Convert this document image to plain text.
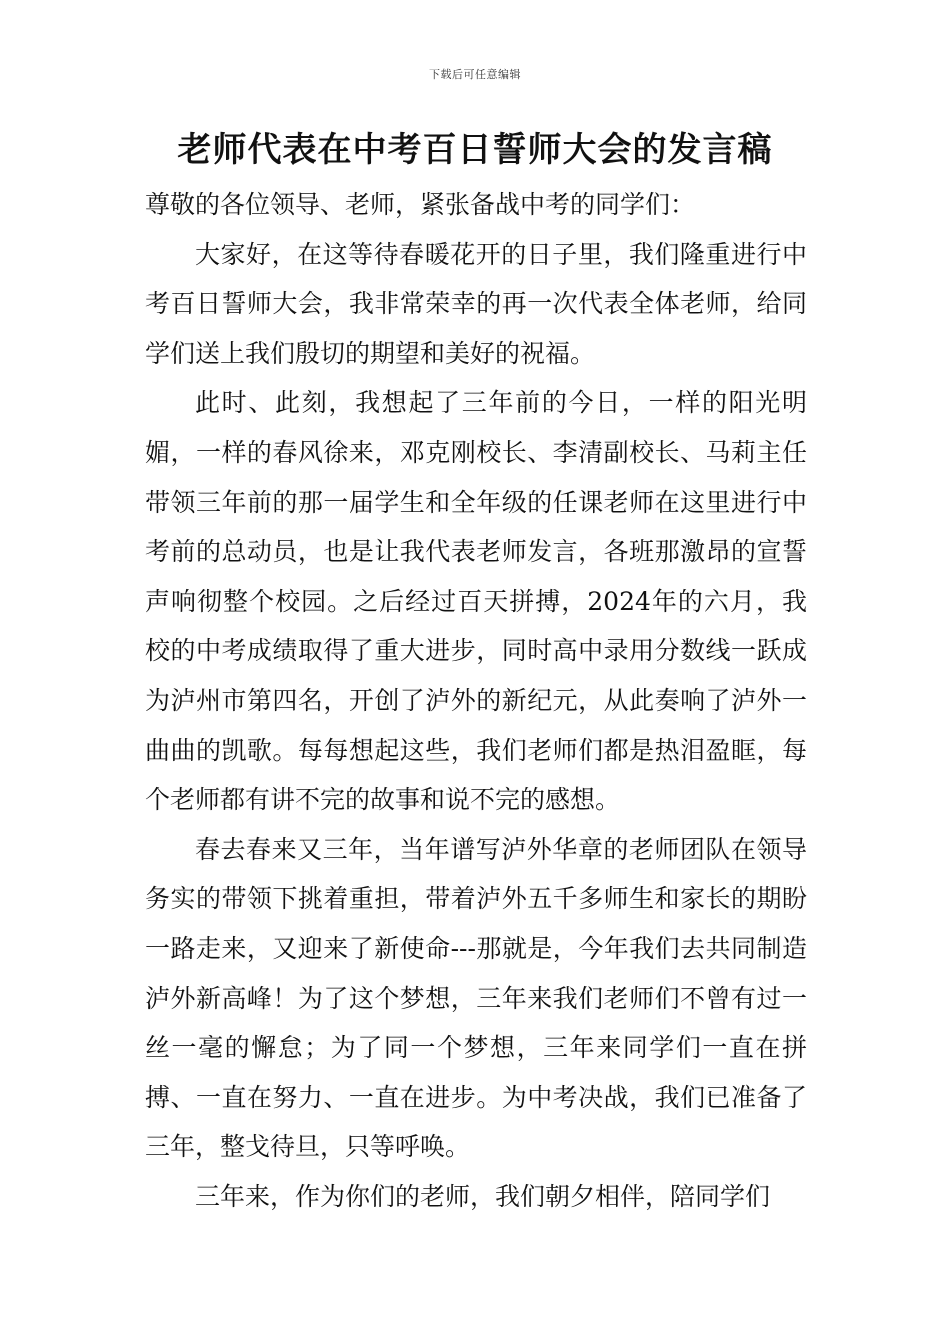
下载后可任意编辑
老师代表在中考百日誓师大会的发言稿

尊敬的各位领导、老师，紧张备战中考的同学们：

大家好，在这等待春暖花开的日子里，我们隆重进行中考百日誓师大会，我非常荣幸的再一次代表全体老师，给同学们送上我们殷切的期望和美好的祝福。

此时、此刻，我想起了三年前的今日，一样的阳光明媚，一样的春风徐来，邓克刚校长、李清副校长、马莉主任带领三年前的那一届学生和全年级的任课老师在这里进行中考前的总动员，也是让我代表老师发言，各班那激昂的宣誓声响彻整个校园。之后经过百天拼搏，2024年的六月，我校的中考成绩取得了重大进步，同时高中录用分数线一跃成为泸州市第四名，开创了泸外的新纪元，从此奏响了泸外一曲曲的凯歌。每每想起这些，我们老师们都是热泪盈眶，每个老师都有讲不完的故事和说不完的感想。

春去春来又三年，当年谱写泸外华章的老师团队在领导务实的带领下挑着重担，带着泸外五千多师生和家长的期盼一路走来，又迎来了新使命---那就是，今年我们去共同制造泸外新高峰！为了这个梦想，三年来我们老师们不曾有过一丝一毫的懈怠；为了同一个梦想，三年来同学们一直在拼搏、一直在努力、一直在进步。为中考决战，我们已准备了三年，整戈待旦，只等呼唤。

三年来，作为你们的老师，我们朝夕相伴，陪同学们
